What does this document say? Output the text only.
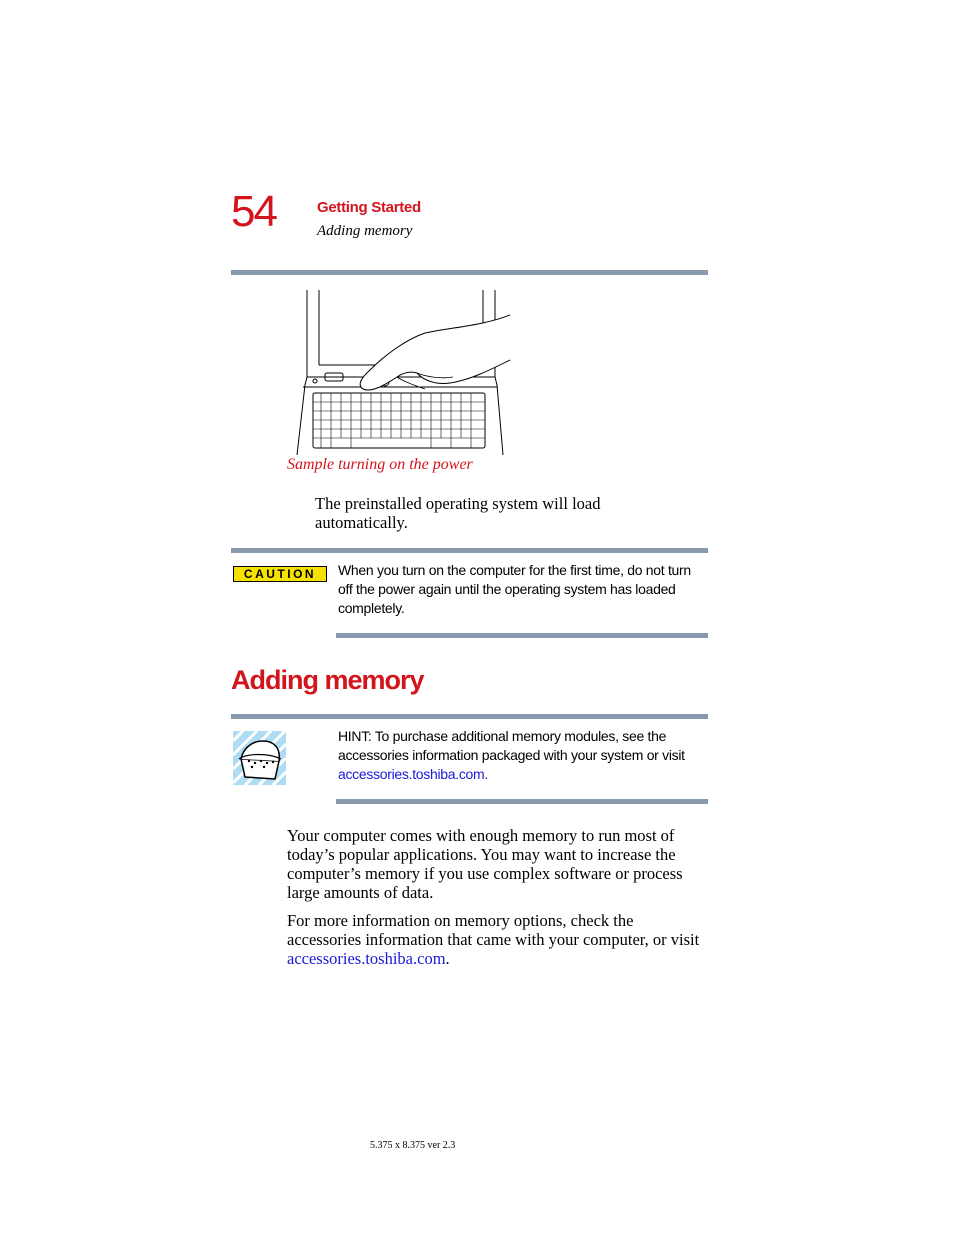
54	Getting Started
Adding memory
Sample turning on the power
The preinstalled operating system will load automatically.
CAUTION	When you turn on the computer for the first time, do not turn off the power again until the operating system has loaded completely.
Adding memory
HINT: To purchase additional memory modules, see the accessories information packaged with your system or visit accessories.toshiba.com.
Your computer comes with enough memory to run most of today’s popular applications. You may want to increase the computer’s memory if you use complex software or process large amounts of data.
For more information on memory options, check the accessories information that came with your computer, or visit accessories.toshiba.com.
5.375 x 8.375 ver 2.3
